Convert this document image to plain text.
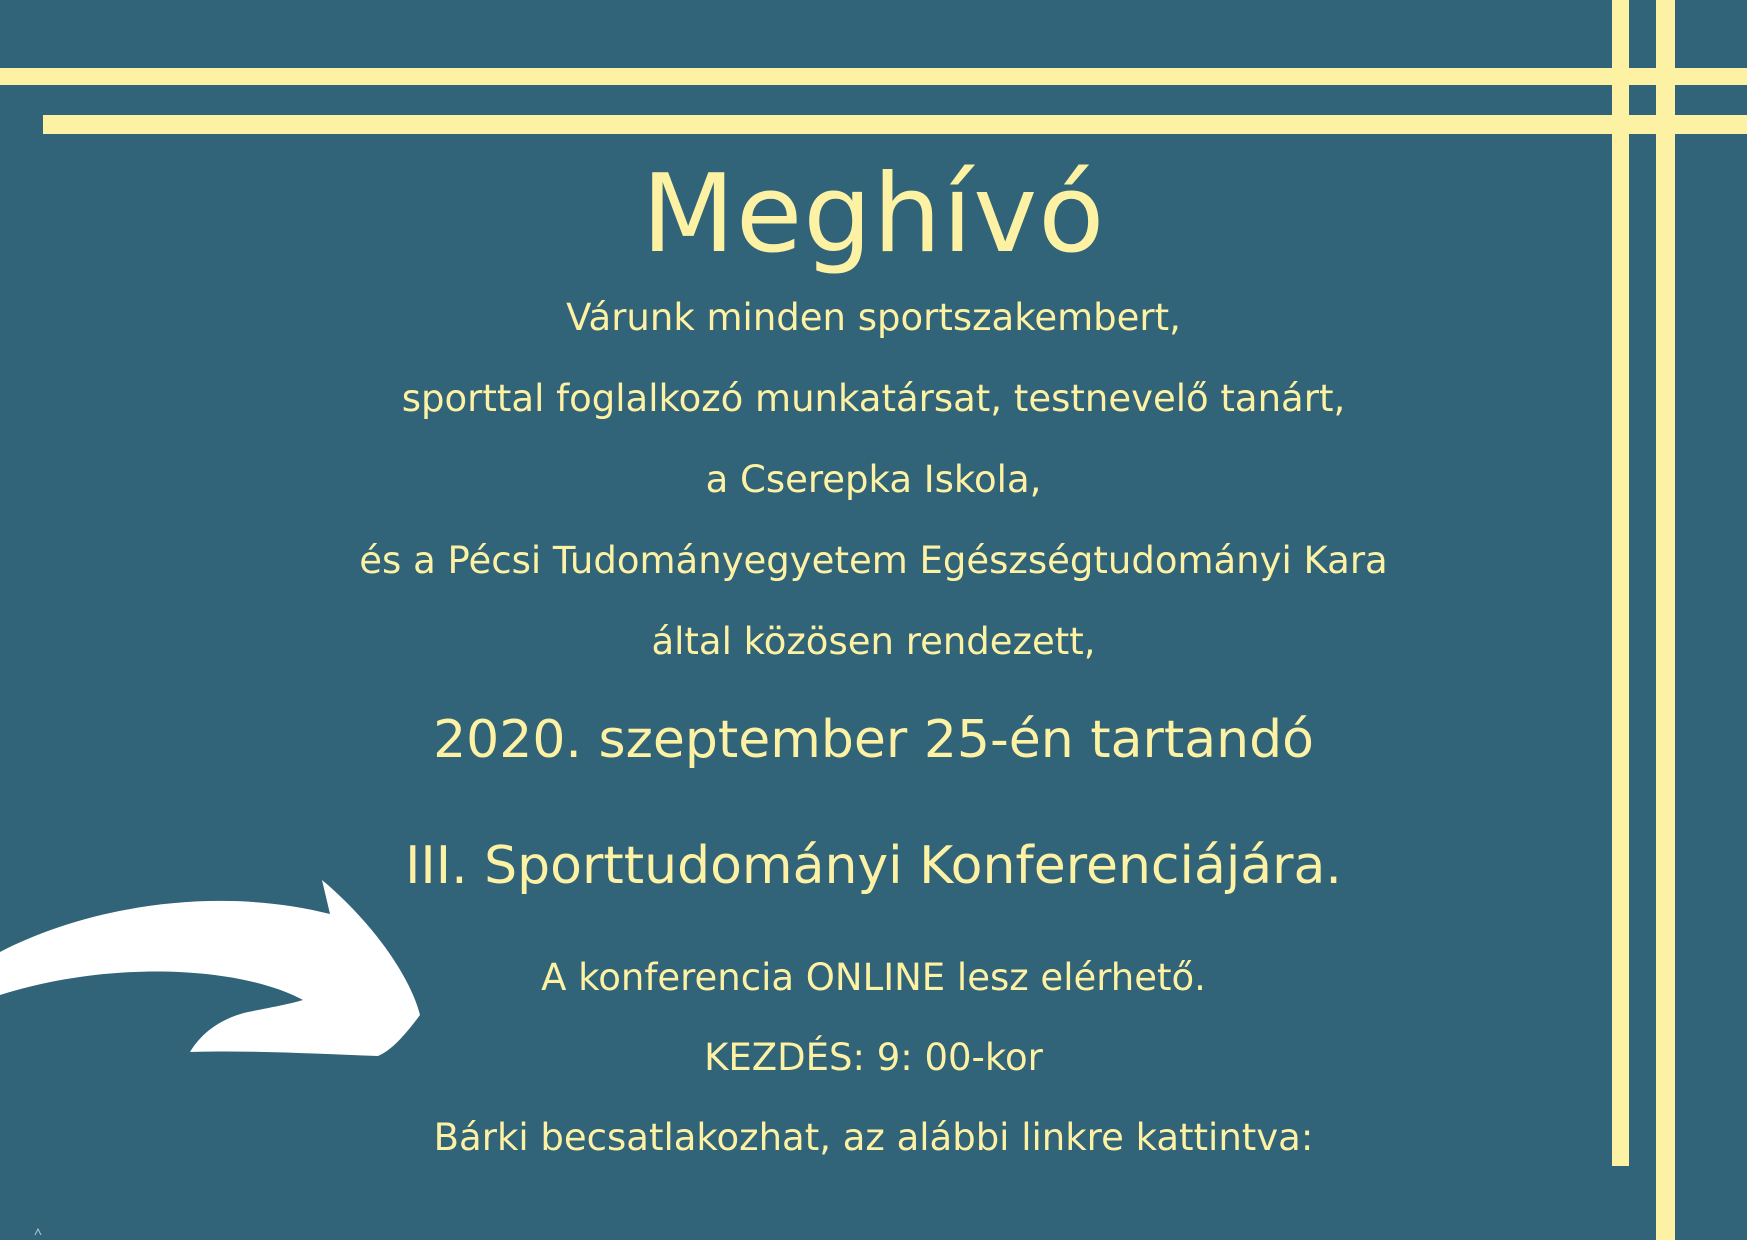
Meghívó
Várunk minden sportszakembert,
sporttal foglalkozó munkatársat, testnevelő tanárt,
a Cserepka Iskola,
és a Pécsi Tudományegyetem Egészségtudományi Kara
által közösen rendezett,
2020. szeptember 25-én tartandó
III. Sporttudományi Konferenciájára.
A konferencia ONLINE lesz elérhető.
KEZDÉS: 9: 00-kor
Bárki becsatlakozhat, az alábbi linkre kattintva:
